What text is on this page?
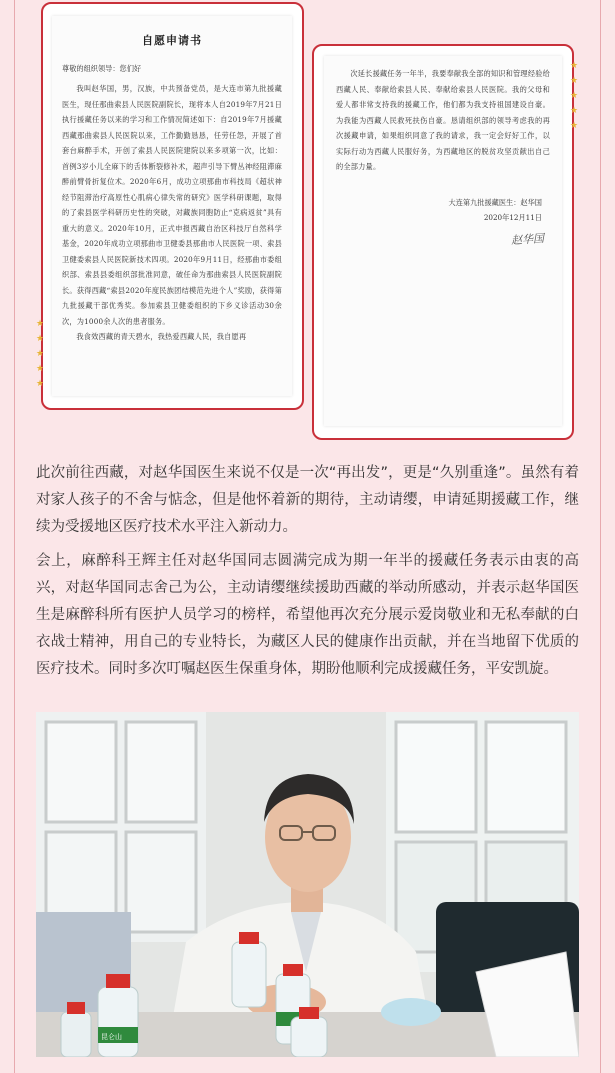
自愿申请书
尊敬的组织领导：您们好

我叫赵华国，男，汉族，中共预备党员，是大连市第九批援藏医生，现任那曲索县人民医院副院长，现将本人自2019年7月21日执行援藏任务以来的学习和工作情况简述如下：自2019年7月援藏西藏那曲索县人民医院以来，工作勤勤恳恳，任劳任怨，开展了首套台麻醉手术，开创了索县人民医院建院以来多项第一次，比如：首例3岁小儿全麻下的舌体断裂修补术，超声引导下臂丛神经阻滞麻醉前臂骨折复位术。2020年6月，成功立项那曲市科技局《超状神经节阻滞治疗高原性心肌病心律失常的研究》医学科研课题，取得的了索县医学科研历史性的突破，对藏族同胞防止“克病返贫”具有重大的意义。2020年10月，正式申报西藏自治区科技厅自然科学基金，2020年成功立项那曲市卫健委县那曲市人民医院一项、索县卫健委索县人民医院新技术四项。2020年9月11日，经那曲市委组织部、索县县委组织部批准同意，破任命为那曲索县人民医院副院长。获得西藏“索县2020年度民族团结模范先进个人”奖励，获得第九批援藏干部优秀奖。参加索县卫健委组织的下乡义诊活动30余次，为1000余人次的患者服务。

我食效西藏的青天碧水，我热爱西藏人民，我自愿再

★
★
★
★
★

次延长援藏任务一年半，我要奉献我全部的知识和管理经验给西藏人民、奉献给索县人民、奉献给索县人民医院。我的父母和爱人都非常支持我的援藏工作，他们都为我支持祖国建设自豪。为我能为西藏人民救死扶伤自豪。恳请组织部的领导考虑我的再次援藏申请，如果组织同意了我的请求，我一定会好好工作，以实际行动为西藏人民服好务，为西藏地区的脱贫攻坚贡献出自己的全部力量。

大连第九批援藏医生：赵华国
2020年12月11日
赵华国
★
★
★
★
★

此次前往西藏，对赵华国医生来说不仅是一次“再出发”，更是“久别重逢”。虽然有着对家人孩子的不舍与惦念，但是他怀着新的期待，主动请缨，申请延期援藏工作，继续为受援地区医疗技术水平注入新动力。

会上，麻醉科王辉主任对赵华国同志圆满完成为期一年半的援藏任务表示由衷的高兴，对赵华国同志舍己为公，主动请缨继续援助西藏的举动所感动，并表示赵华国医生是麻醉科所有医护人员学习的榜样，希望他再次充分展示爱岗敬业和无私奉献的白衣战士精神，用自己的专业特长，为藏区人民的健康作出贡献，并在当地留下优质的医疗技术。同时多次叮嘱赵医生保重身体，期盼他顺利完成援藏任务，平安凯旋。

昆仑山
